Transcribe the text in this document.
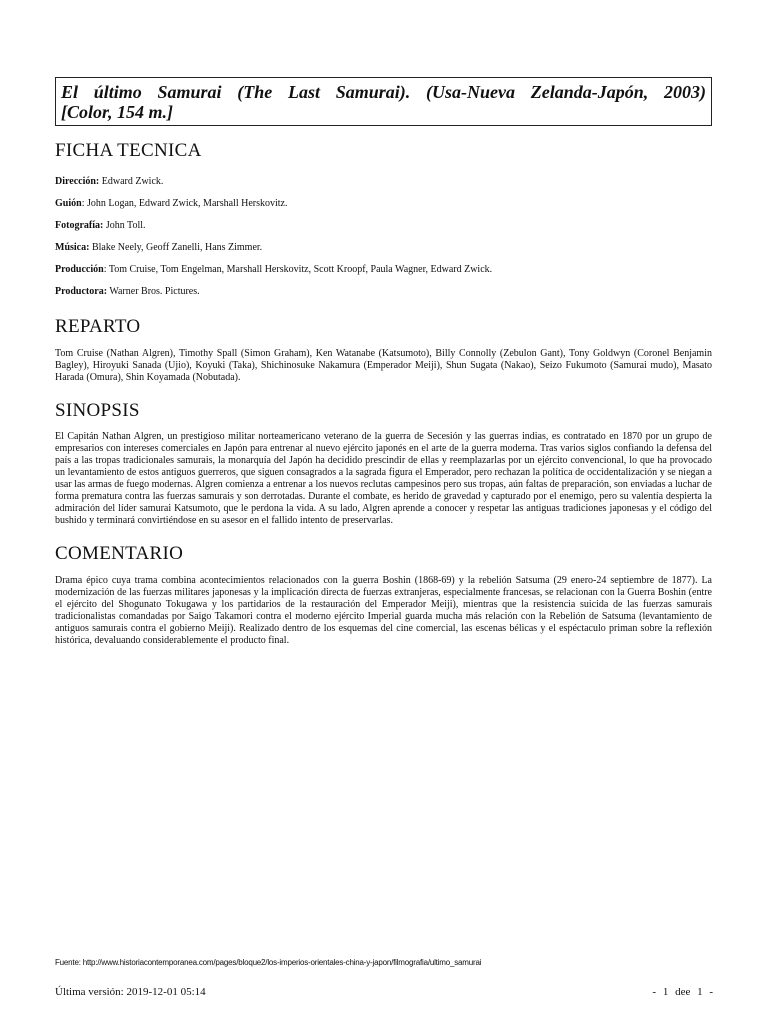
El último Samurai (The Last Samurai). (Usa-Nueva Zelanda-Japón, 2003)
[Color, 154 m.]
FICHA TECNICA

Dirección: Edward Zwick.

Guión: John Logan, Edward Zwick, Marshall Herskovitz.

Fotografía: John Toll.

Música: Blake Neely, Geoff Zanelli, Hans Zimmer.

Producción: Tom Cruise, Tom Engelman, Marshall Herskovitz, Scott Kroopf, Paula Wagner, Edward Zwick.

Productora: Warner Bros. Pictures.

REPARTO

Tom Cruise (Nathan Algren), Timothy Spall (Simon Graham), Ken Watanabe (Katsumoto), Billy Connolly (Zebulon Gant), Tony Goldwyn (Coronel Benjamin Bagley), Hiroyuki Sanada (Ujio), Koyuki (Taka), Shichinosuke Nakamura (Emperador Meiji), Shun Sugata (Nakao), Seizo Fukumoto (Samurai mudo), Masato Harada (Omura), Shin Koyamada (Nobutada).

SINOPSIS

El Capitán Nathan Algren, un prestigioso militar norteamericano veterano de la guerra de Secesión y las guerras indias, es contratado en 1870 por un grupo de empresarios con intereses comerciales en Japón para entrenar al nuevo ejército japonés en el arte de la guerra moderna. Tras varios siglos confiando la defensa del país a las tropas tradicionales samurais, la monarquía del Japón ha decidido prescindir de ellas y reemplazarlas por un ejército convencional, lo que ha provocado un levantamiento de estos antiguos guerreros, que siguen consagrados a la sagrada figura el Emperador, pero rechazan la política de occidentalización y se niegan a usar las armas de fuego modernas. Algren comienza a entrenar a los nuevos reclutas campesinos pero sus tropas, aún faltas de preparación, son enviadas a luchar de forma prematura contra las fuerzas samurais y son derrotadas. Durante el combate, es herido de gravedad y capturado por el enemigo, pero su valentía despierta la admiración del líder samurai Katsumoto, que le perdona la vida. A su lado, Algren aprende a conocer y respetar las antiguas tradiciones japonesas y el código del bushido y terminará convirtiéndose en su asesor en el fallido intento de preservarlas.

COMENTARIO

Drama épico cuya trama combina acontecimientos relacionados con la guerra Boshin (1868-69) y la rebelión Satsuma (29 enero-24 septiembre de 1877). La modernización de las fuerzas militares japonesas y la implicación directa de fuerzas extranjeras, especialmente francesas, se relacionan con la Guerra Boshin (entre el ejército del Shogunato Tokugawa y los partidarios de la restauración del Emperador Meiji), mientras que la resistencia suicida de las fuerzas samurais tradicionalistas comandadas por Saigo Takamori contra el moderno ejército Imperial guarda mucha más relación con la Rebelión de Satsuma (levantamiento de antiguos samurais contra el gobierno Meiji). Realizado dentro de los esquemas del cine comercial, las escenas bélicas y el espéctaculo priman sobre la reflexión histórica, devaluando considerablemente el producto final.

Fuente: http://www.historiacontemporanea.com/pages/bloque2/los-imperios-orientales-china-y-japon/filmografia/ultimo_samurai
Última versión: 2019-12-01 05:14	- 1 dee 1 -
